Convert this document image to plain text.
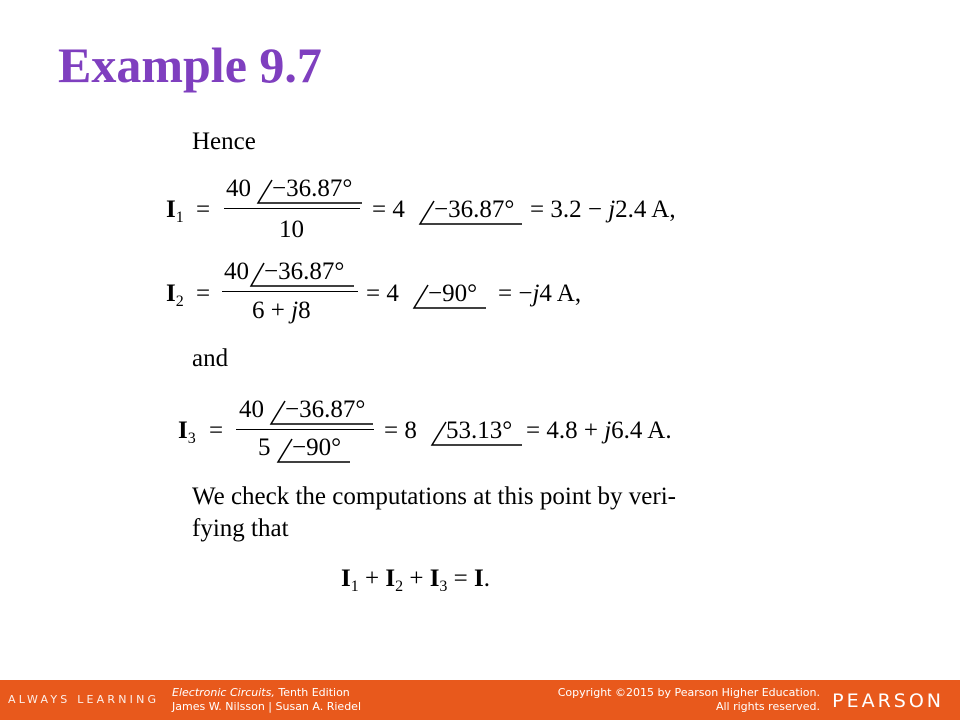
Example 9.7
Hence
$I_1$ =
40 −36.87°
10
= 4 −36.87° = 3.2 − j2.4 A,
$I_2$ =
40 −36.87°
6 + j8
= 4 −90° = −j4 A,
and
$I_3$ =
40 −36.87°
5 −90°
= 8 53.13° = 4.8 + j6.4 A.
We check the computations at this point by veri-
fying that
$I_1 + I_2 + I_3 = I$.
ALWAYS LEARNING
Electronic Circuits, Tenth Edition
James W. Nilsson | Susan A. Riedel
Copyright ©2015 by Pearson Higher Education.
All rights reserved. PEARSON
